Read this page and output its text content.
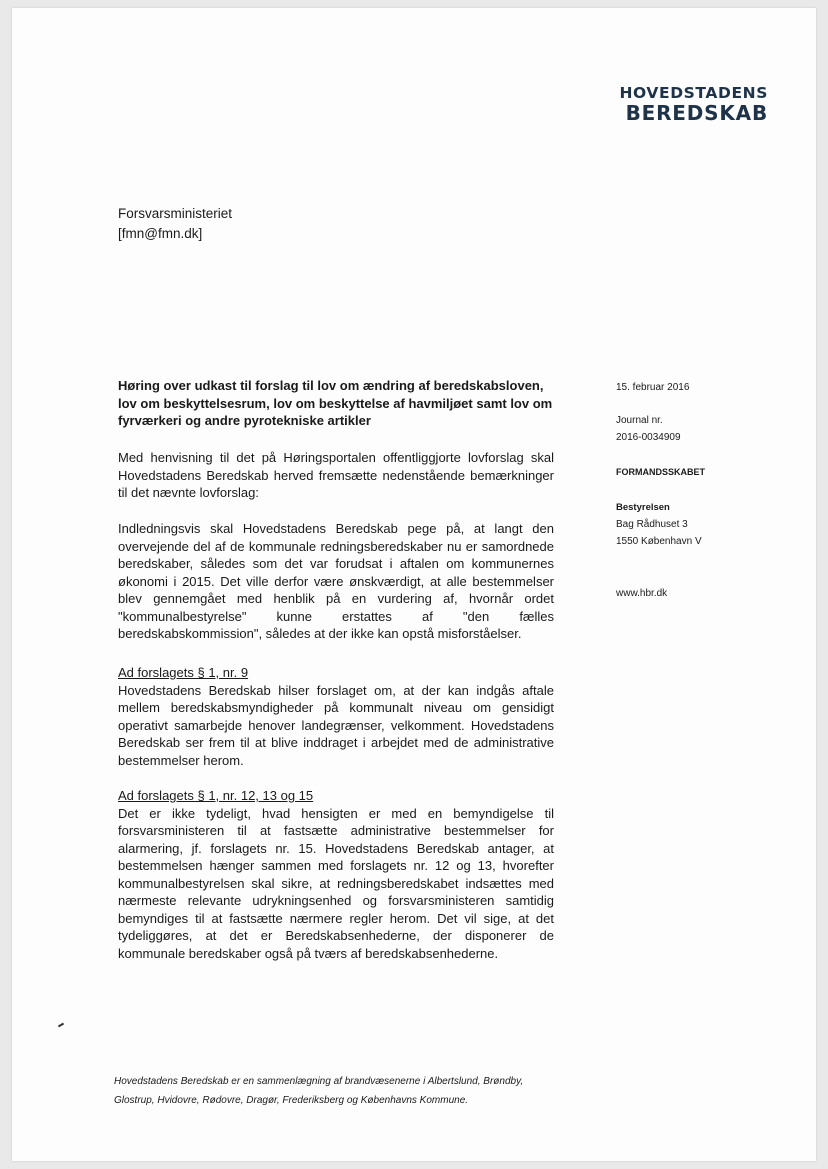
HOVEDSTADENS
BEREDSKAB
Forsvarsministeriet
[fmn@fmn.dk]
Høring over udkast til forslag til lov om ændring af beredskabsloven, lov om beskyttelsesrum, lov om beskyttelse af havmiljøet samt lov om fyrværkeri og andre pyrotekniske artikler

Med henvisning til det på Høringsportalen offentliggjorte lovforslag skal Hovedstadens Beredskab herved fremsætte nedenstående bemærkninger til det nævnte lovforslag:

Indledningsvis skal Hovedstadens Beredskab pege på, at langt den overvejende del af de kommunale redningsberedskaber nu er samordnede beredskaber, således som det var forudsat i aftalen om kommunernes økonomi i 2015. Det ville derfor være ønskværdigt, at alle bestemmelser blev gennemgået med henblik på en vurdering af, hvornår ordet "kommunalbestyrelse" kunne erstattes af "den fælles beredskabskommission", således at der ikke kan opstå misforståelser.

Ad forslagets § 1, nr. 9

Hovedstadens Beredskab hilser forslaget om, at der kan indgås aftale mellem beredskabsmyndigheder på kommunalt niveau om gensidigt operativt samarbejde henover landegrænser, velkomment. Hovedstadens Beredskab ser frem til at blive inddraget i arbejdet med de administrative bestemmelser herom.

Ad forslagets § 1, nr. 12, 13 og 15

Det er ikke tydeligt, hvad hensigten er med en bemyndigelse til forsvarsministeren til at fastsætte administrative bestemmelser for alarmering, jf. forslagets nr. 15. Hovedstadens Beredskab antager, at bestemmelsen hænger sammen med forslagets nr. 12 og 13, hvorefter kommunalbestyrelsen skal sikre, at redningsberedskabet indsættes med nærmeste relevante udrykningsenhed og forsvarsministeren samtidig bemyndiges til at fastsætte nærmere regler herom. Det vil sige, at det tydeliggøres, at det er Beredskabsenhederne, der disponerer de kommunale beredskaber også på tværs af beredskabsenhederne.

15. februar 2016
Journal nr.
2016-0034909
FORMANDSSKABET
Bestyrelsen
Bag Rådhuset 3
1550 København V
www.hbr.dk
Hovedstadens Beredskab er en sammenlægning af brandvæsenerne i Albertslund, Brøndby, Glostrup, Hvidovre, Rødovre, Dragør, Frederiksberg og Københavns Kommune.
